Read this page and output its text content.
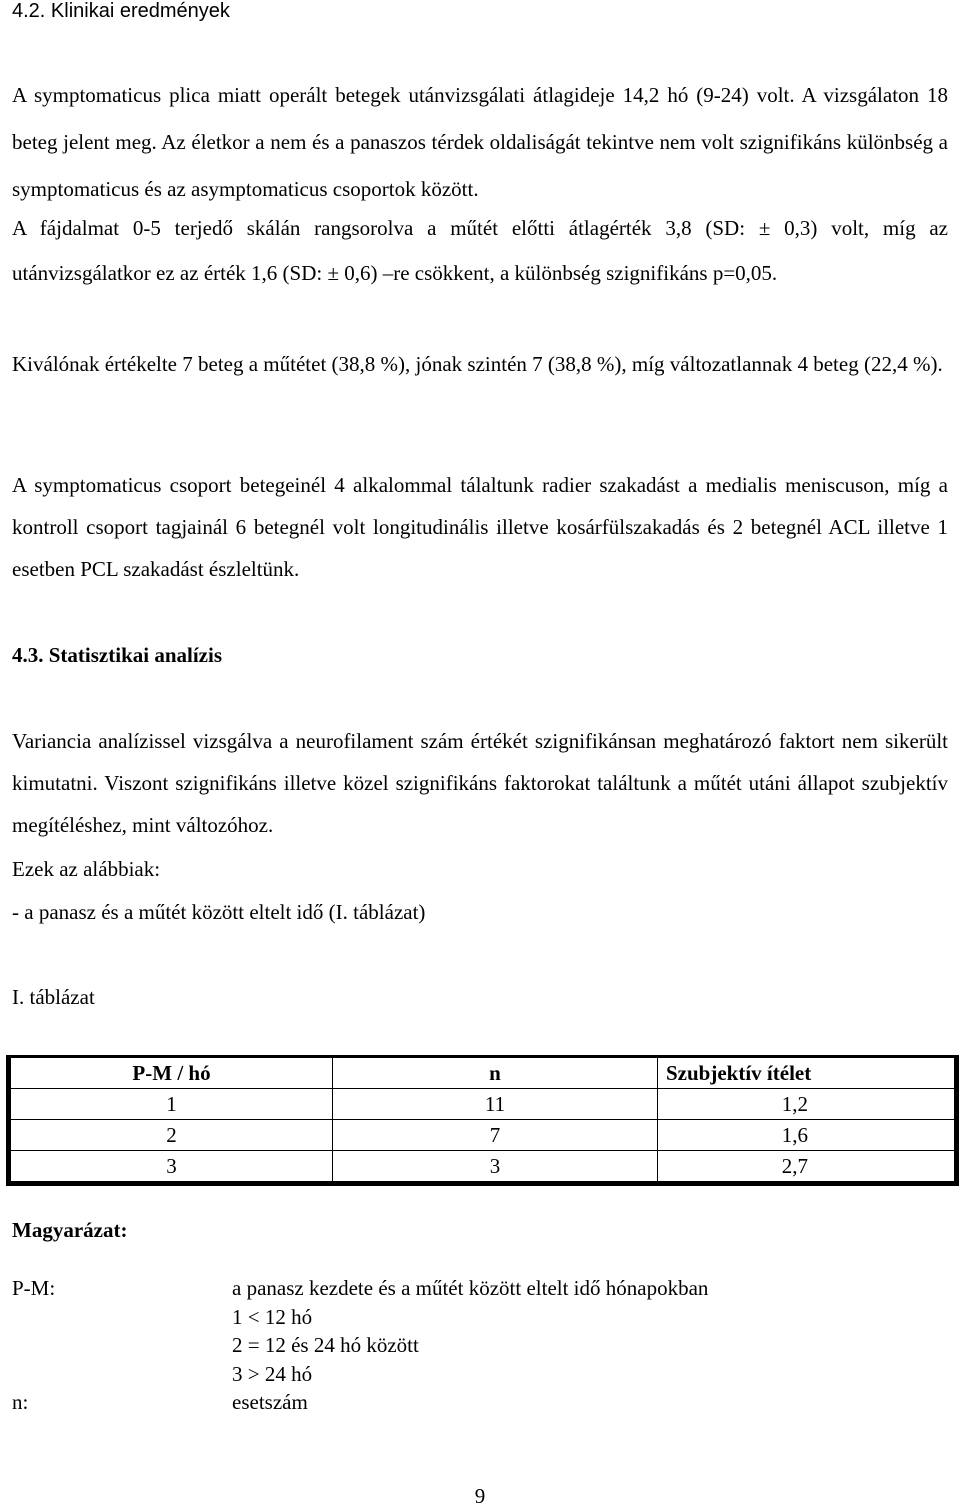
4.2. Klinikai eredmények

A symptomaticus plica miatt operált betegek utánvizsgálati átlagideje 14,2 hó (9-24) volt. A vizsgálaton 18 beteg jelent meg. Az életkor a nem és a panaszos térdek oldaliságát tekintve nem volt szignifikáns különbség a symptomaticus és az asymptomaticus csoportok között.

A fájdalmat 0-5 terjedő skálán rangsorolva a műtét előtti átlagérték 3,8 (SD: ± 0,3) volt, míg az utánvizsgálatkor ez az érték 1,6 (SD: ± 0,6) –re csökkent, a különbség szignifikáns p=0,05.

Kiválónak értékelte 7 beteg a műtétet (38,8 %), jónak szintén 7 (38,8 %), míg változatlannak 4 beteg (22,4 %).

A symptomaticus csoport betegeinél 4 alkalommal tálaltunk radier szakadást a medialis meniscuson, míg a kontroll csoport tagjainál 6 betegnél volt longitudinális illetve kosárfülszakadás és 2 betegnél ACL illetve 1 esetben PCL szakadást észleltünk.

4.3. Statisztikai analízis

Variancia analízissel vizsgálva a neurofilament szám értékét szignifikánsan meghatározó faktort nem sikerült kimutatni. Viszont szignifikáns illetve közel szignifikáns faktorokat találtunk a műtét utáni állapot szubjektív megítéléshez, mint változóhoz.

Ezek az alábbiak:

- a panasz és a műtét között eltelt idő (I. táblázat)

I. táblázat

P-M / hó	n	Szubjektív ítélet
1	11	1,2
2	7	1,6
3	3	2,7
Magyarázat:
P-M:	a panasz kezdete és a műtét között eltelt idő hónapokban
1 < 12 hó
2 = 12 és 24 hó között
3 > 24 hó
n:	esetszám
9
